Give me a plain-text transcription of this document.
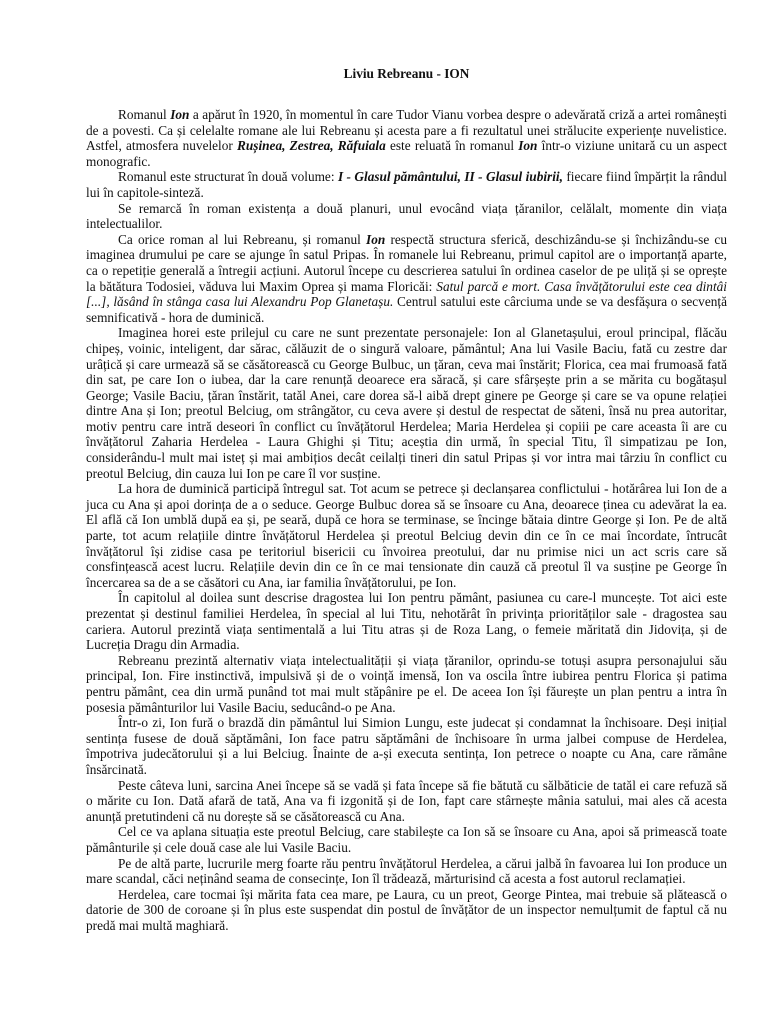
Liviu Rebreanu - ION

Romanul Ion a apărut în 1920, în momentul în care Tudor Vianu vorbea despre o adevărată criză a artei românești de a povesti. Ca și celelalte romane ale lui Rebreanu și acesta pare a fi rezultatul unei strălucite experiențe nuvelistice. Astfel, atmosfera nuvelelor Rușinea, Zestrea, Răfuiala este reluată în romanul Ion într-o viziune unitară cu un aspect monografic.

Romanul este structurat în două volume: I - Glasul pământului, II - Glasul iubirii, fiecare fiind împărțit la rândul lui în capitole-sinteză.

Se remarcă în roman existența a două planuri, unul evocând viața țăranilor, celălalt, momente din viața intelectualilor.

Ca orice roman al lui Rebreanu, și romanul Ion respectă structura sferică, deschizându-se și închizându-se cu imaginea drumului pe care se ajunge în satul Pripas. În romanele lui Rebreanu, primul capitol are o importanță aparte, ca o repetiție generală a întregii acțiuni. Autorul începe cu descrierea satului în ordinea caselor de pe uliță și se oprește la bătătura Todosiei, văduva lui Maxim Oprea și mama Floricăi: Satul parcă e mort. Casa învățătorului este cea dintâi [...], lăsând în stânga casa lui Alexandru Pop Glanetașu. Centrul satului este cârciuma unde se va desfășura o secvență semnificativă - hora de duminică.

Imaginea horei este prilejul cu care ne sunt prezentate personajele: Ion al Glanetașului, eroul principal, flăcău chipeș, voinic, inteligent, dar sărac, călăuzit de o singură valoare, pământul; Ana lui Vasile Baciu, fată cu zestre dar urâțică și care urmează să se căsătorească cu George Bulbuc, un țăran, ceva mai înstărit; Florica, cea mai frumoasă fată din sat, pe care Ion o iubea, dar la care renunță deoarece era săracă, și care sfârșește prin a se mărita cu bogătașul George; Vasile Baciu, țăran înstărit, tatăl Anei, care dorea să-l aibă drept ginere pe George și care se va opune relației dintre Ana și Ion; preotul Belciug, om strângător, cu ceva avere și destul de respectat de săteni, însă nu prea autoritar, motiv pentru care intră deseori în conflict cu învățătorul Herdelea; Maria Herdelea și copiii pe care aceasta îi are cu învățătorul Zaharia Herdelea - Laura Ghighi și Titu; aceștia din urmă, în special Titu, îl simpatizau pe Ion, considerându-l mult mai isteț și mai ambițios decât ceilalți tineri din satul Pripas și vor intra mai târziu în conflict cu preotul Belciug, din cauza lui Ion pe care îl vor susține.

La hora de duminică participă întregul sat. Tot acum se petrece și declanșarea conflictului - hotărârea lui Ion de a juca cu Ana și apoi dorința de a o seduce. George Bulbuc dorea să se însoare cu Ana, deoarece ținea cu adevărat la ea. El află că Ion umblă după ea și, pe seară, după ce hora se terminase, se încinge bătaia dintre George și Ion. Pe de altă parte, tot acum relațiile dintre învățătorul Herdelea și preotul Belciug devin din ce în ce mai încordate, întrucât învățătorul își zidise casa pe teritoriul bisericii cu învoirea preotului, dar nu primise nici un act scris care să consfințească acest lucru. Relațiile devin din ce în ce mai tensionate din cauză că preotul îl va susține pe George în încercarea sa de a se căsători cu Ana, iar familia învățătorului, pe Ion.

În capitolul al doilea sunt descrise dragostea lui Ion pentru pământ, pasiunea cu care-l muncește. Tot aici este prezentat și destinul familiei Herdelea, în special al lui Titu, nehotărât în privința priorităților sale - dragostea sau cariera. Autorul prezintă viața sentimentală a lui Titu atras și de Roza Lang, o femeie măritată din Jidovița, și de Lucreția Dragu din Armadia.

Rebreanu prezintă alternativ viața intelectualității și viața țăranilor, oprindu-se totuși asupra personajului său principal, Ion. Fire instinctivă, impulsivă și de o voință imensă, Ion va oscila între iubirea pentru Florica și patima pentru pământ, cea din urmă punând tot mai mult stăpânire pe el. De aceea Ion își făurește un plan pentru a intra în posesia pământurilor lui Vasile Baciu, seducând-o pe Ana.

Într-o zi, Ion fură o brazdă din pământul lui Simion Lungu, este judecat și condamnat la închisoare. Deși inițial sentința fusese de două săptămâni, Ion face patru săptămâni de închisoare în urma jalbei compuse de Herdelea, împotriva judecătorului și a lui Belciug. Înainte de a-și executa sentința, Ion petrece o noapte cu Ana, care rămâne însărcinată.

Peste câteva luni, sarcina Anei începe să se vadă și fata începe să fie bătută cu sălbăticie de tatăl ei care refuză să o mărite cu Ion. Dată afară de tată, Ana va fi izgonită și de Ion, fapt care stârnește mânia satului, mai ales că acesta anunță pretutindeni că nu dorește să se căsătorească cu Ana.

Cel ce va aplana situația este preotul Belciug, care stabilește ca Ion să se însoare cu Ana, apoi să primească toate pământurile și cele două case ale lui Vasile Baciu.

Pe de altă parte, lucrurile merg foarte rău pentru învățătorul Herdelea, a cărui jalbă în favoarea lui Ion produce un mare scandal, căci neținând seama de consecințe, Ion îl trădează, mărturisind că acesta a fost autorul reclamației.

Herdelea, care tocmai își mărita fata cea mare, pe Laura, cu un preot, George Pintea, mai trebuie să plătească o datorie de 300 de coroane și în plus este suspendat din postul de învățător de un inspector nemulțumit de faptul că nu predă mai multă maghiară.
